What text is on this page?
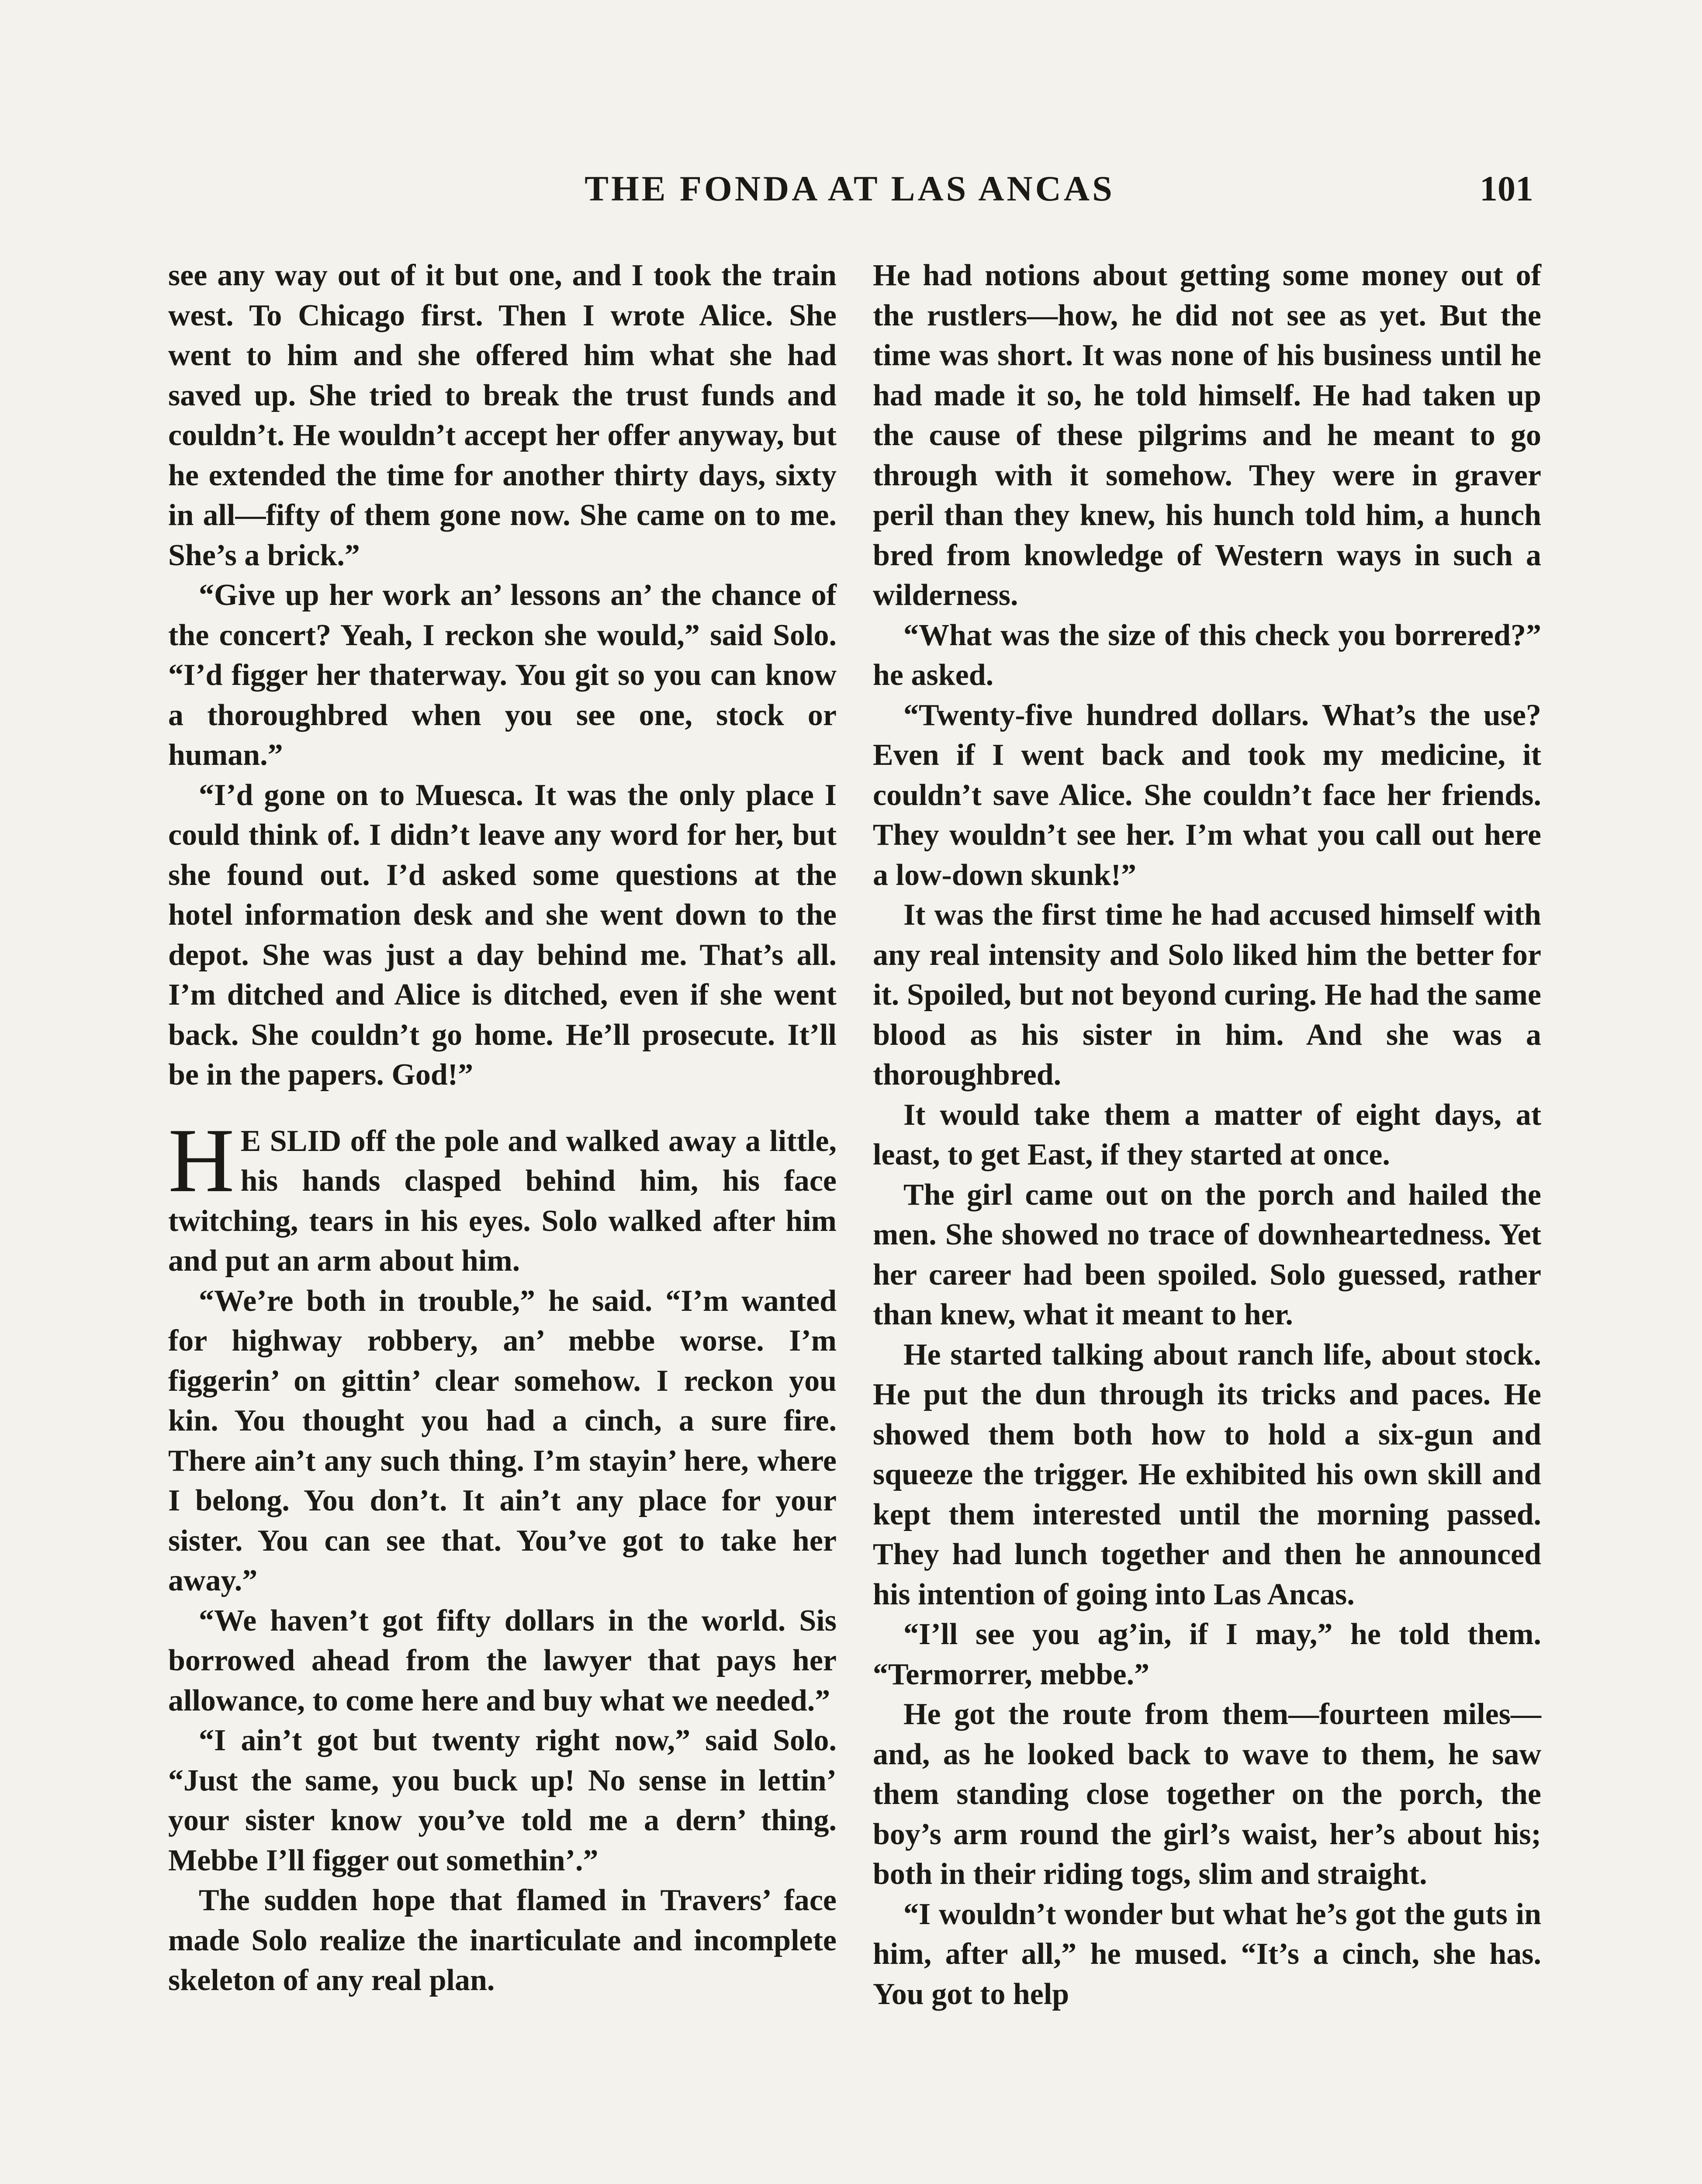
THE FONDA AT LAS ANCAS	101

see any way out of it but one, and I took the train west. To Chicago first. Then I wrote Alice. She went to him and she offered him what she had saved up. She tried to break the trust funds and couldn’t. He wouldn’t accept her offer anyway, but he extended the time for another thirty days, sixty in all—fifty of them gone now. She came on to me. She’s a brick.”

“Give up her work an’ lessons an’ the chance of the concert? Yeah, I reckon she would,” said Solo. “I’d figger her thaterway. You git so you can know a thoroughbred when you see one, stock or human.”

“I’d gone on to Muesca. It was the only place I could think of. I didn’t leave any word for her, but she found out. I’d asked some questions at the hotel information desk and she went down to the depot. She was just a day behind me. That’s all. I’m ditched and Alice is ditched, even if she went back. She couldn’t go home. He’ll prosecute. It’ll be in the papers. God!”

H E SLID off the pole and walked away a little, his hands clasped behind him, his face twitching, tears in his eyes. Solo walked after him and put an arm about him.

“We’re both in trouble,” he said. “I’m wanted for highway robbery, an’ mebbe worse. I’m figgerin’ on gittin’ clear somehow. I reckon you kin. You thought you had a cinch, a sure fire. There ain’t any such thing. I’m stayin’ here, where I belong. You don’t. It ain’t any place for your sister. You can see that. You’ve got to take her away.”

“We haven’t got fifty dollars in the world. Sis borrowed ahead from the lawyer that pays her allowance, to come here and buy what we needed.”

“I ain’t got but twenty right now,” said Solo. “Just the same, you buck up! No sense in lettin’ your sister know you’ve told me a dern’ thing. Mebbe I’ll figger out somethin’.”

The sudden hope that flamed in Travers’ face made Solo realize the inarticulate and incomplete skeleton of any real plan.

He had notions about getting some money out of the rustlers—how, he did not see as yet. But the time was short. It was none of his business until he had made it so, he told himself. He had taken up the cause of these pilgrims and he meant to go through with it somehow. They were in graver peril than they knew, his hunch told him, a hunch bred from knowledge of Western ways in such a wilderness.

“What was the size of this check you borrered?” he asked.

“Twenty-five hundred dollars. What’s the use? Even if I went back and took my medicine, it couldn’t save Alice. She couldn’t face her friends. They wouldn’t see her. I’m what you call out here a low-down skunk!”

It was the first time he had accused himself with any real intensity and Solo liked him the better for it. Spoiled, but not beyond curing. He had the same blood as his sister in him. And she was a thoroughbred.

It would take them a matter of eight days, at least, to get East, if they started at once.

The girl came out on the porch and hailed the men. She showed no trace of downheartedness. Yet her career had been spoiled. Solo guessed, rather than knew, what it meant to her.

He started talking about ranch life, about stock. He put the dun through its tricks and paces. He showed them both how to hold a six-gun and squeeze the trigger. He exhibited his own skill and kept them interested until the morning passed. They had lunch together and then he announced his intention of going into Las Ancas.

“I’ll see you ag’in, if I may,” he told them. “Termorrer, mebbe.”

He got the route from them—fourteen miles—and, as he looked back to wave to them, he saw them standing close together on the porch, the boy’s arm round the girl’s waist, her’s about his; both in their riding togs, slim and straight.

“I wouldn’t wonder but what he’s got the guts in him, after all,” he mused. “It’s a cinch, she has. You got to help
